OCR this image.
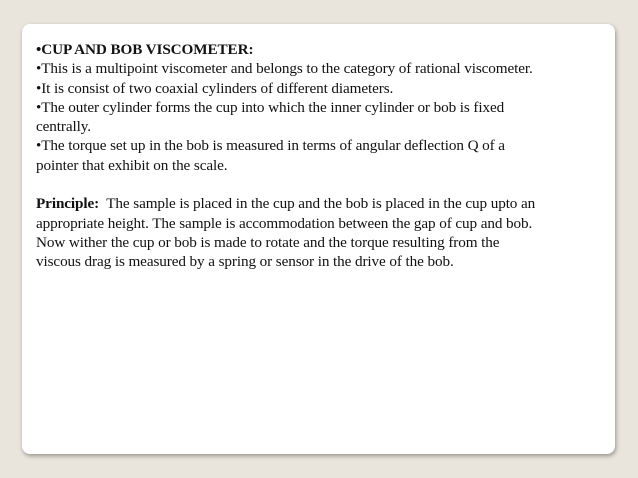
•CUP AND BOB VISCOMETER:
•This is a multipoint viscometer and belongs to the category of rational viscometer.
•It is consist of two coaxial cylinders of different diameters.
•The outer cylinder forms the cup into which the inner cylinder or bob is fixed
centrally.
•The torque set up in the bob is measured in terms of angular deflection Q of a
pointer that exhibit on the scale.
Principle:  The sample is placed in the cup and the bob is placed in the cup upto an
appropriate height. The sample is accommodation between the gap of cup and bob.
Now wither the cup or bob is made to rotate and the torque resulting from the
viscous drag is measured by a spring or sensor in the drive of the bob.
